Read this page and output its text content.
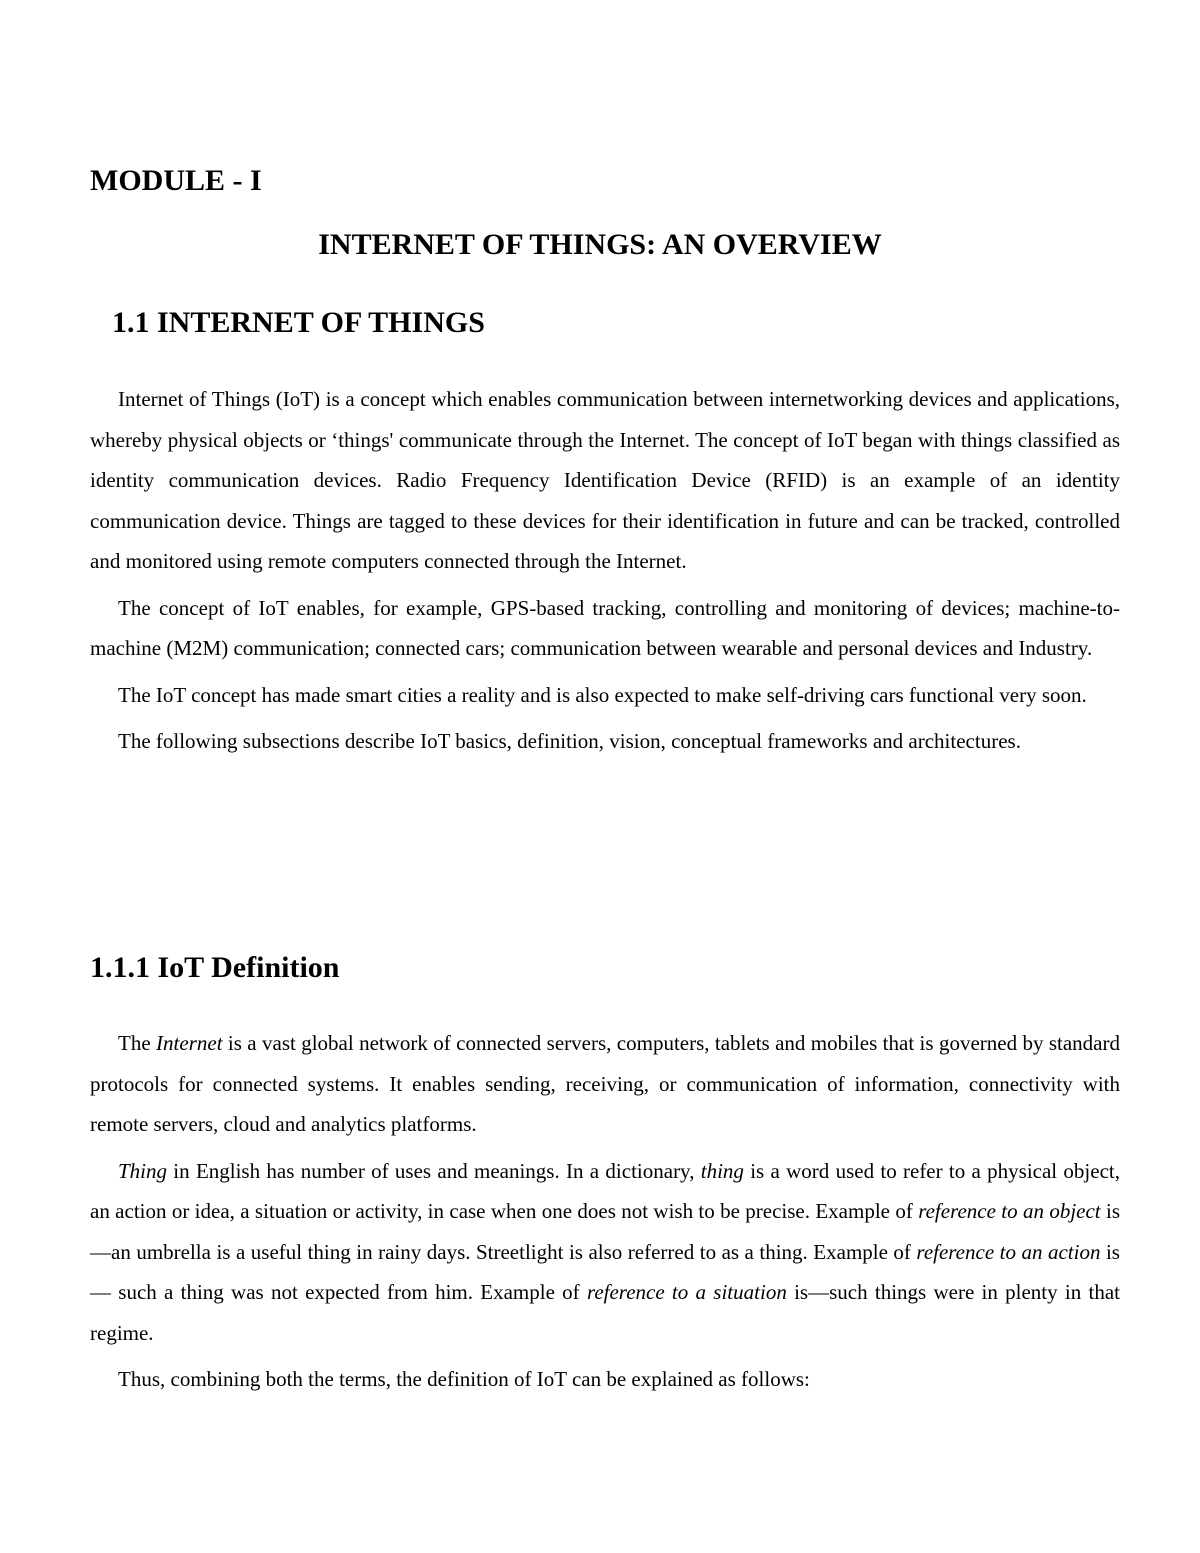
MODULE - I
INTERNET OF THINGS: AN OVERVIEW
1.1 INTERNET OF THINGS

Internet of Things (IoT) is a concept which enables communication between internetworking devices and applications, whereby physical objects or ‘things' communicate through the Internet. The concept of IoT began with things classified as identity communication devices. Radio Frequency Identification Device (RFID) is an example of an identity communication device. Things are tagged to these devices for their identification in future and can be tracked, controlled and monitored using remote computers connected through the Internet.

The concept of IoT enables, for example, GPS-based tracking, controlling and monitoring of devices; machine-to-machine (M2M) communication; connected cars; communication between wearable and personal devices and Industry.

The IoT concept has made smart cities a reality and is also expected to make self-driving cars functional very soon.

The following subsections describe IoT basics, definition, vision, conceptual frameworks and architectures.

1.1.1 IoT Definition

The Internet is a vast global network of connected servers, computers, tablets and mobiles that is governed by standard protocols for connected systems. It enables sending, receiving, or communication of information, connectivity with remote servers, cloud and analytics platforms.

Thing in English has number of uses and meanings. In a dictionary, thing is a word used to refer to a physical object, an action or idea, a situation or activity, in case when one does not wish to be precise. Example of reference to an object is—an umbrella is a useful thing in rainy days. Streetlight is also referred to as a thing. Example of reference to an action is— such a thing was not expected from him. Example of reference to a situation is—such things were in plenty in that regime.

Thus, combining both the terms, the definition of IoT can be explained as follows:
